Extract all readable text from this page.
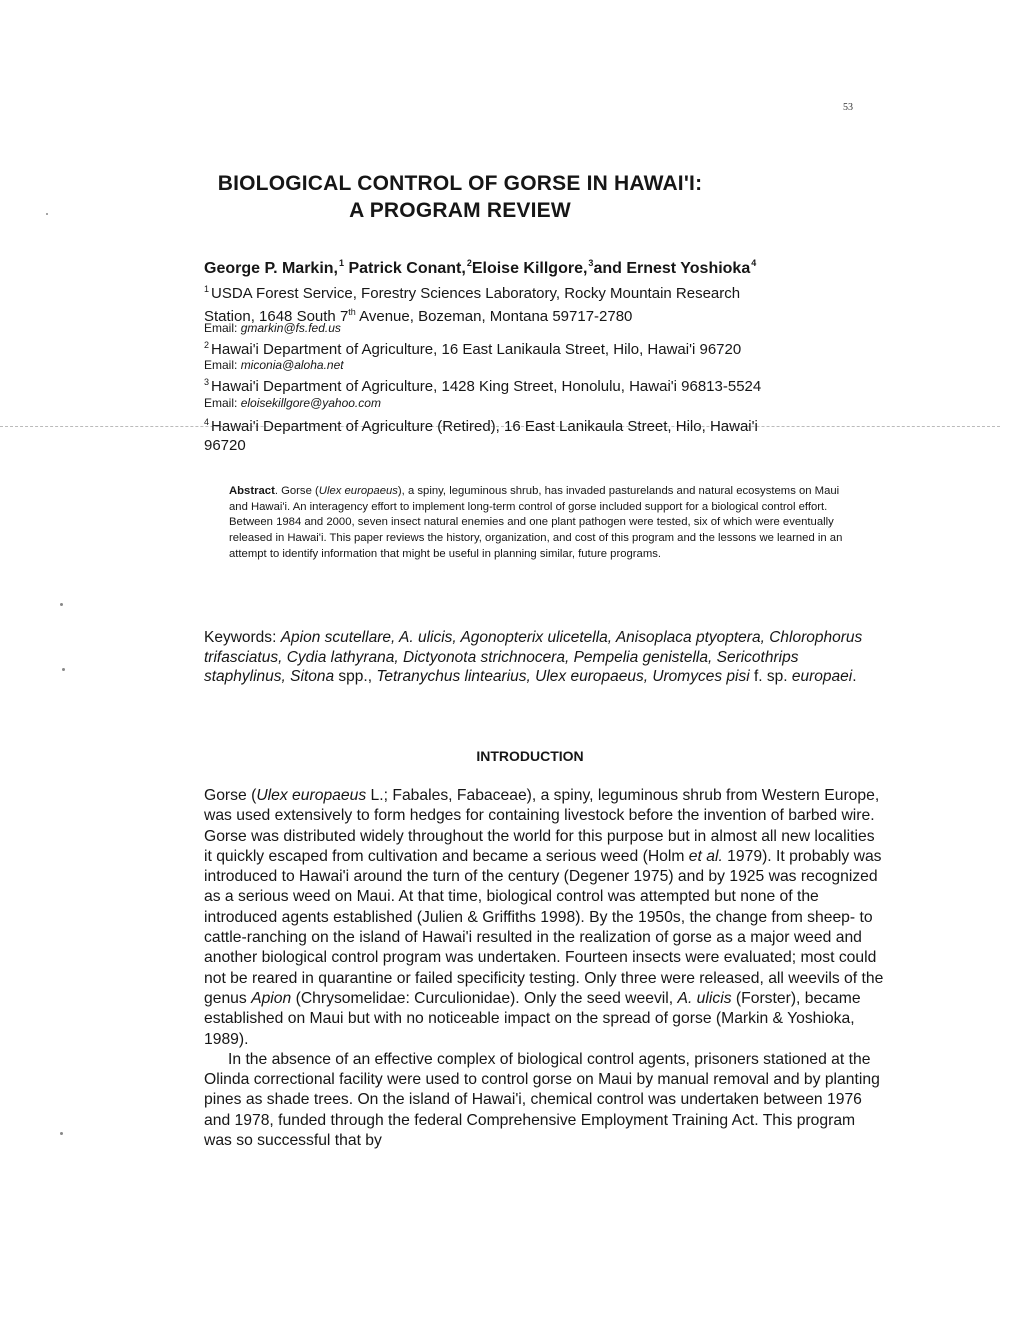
53
BIOLOGICAL CONTROL OF GORSE IN HAWAI'I:
A PROGRAM REVIEW
George P. Markin,$^1$ Patrick Conant,$^2$Eloise Killgore,$^3$and Ernest Yoshioka$^4$
$^1$ USDA Forest Service, Forestry Sciences Laboratory, Rocky Mountain Research
Station, 1648 South 7th Avenue, Bozeman, Montana 59717-2780
Email: gmarkin@fs.fed.us
$^2$ Hawai'i Department of Agriculture, 16 East Lanikaula Street, Hilo, Hawai'i 96720
Email: miconia@aloha.net
$^3$ Hawai'i Department of Agriculture, 1428 King Street, Honolulu, Hawai'i 96813-5524
Email: eloisekillgore@yahoo.com
$^4$ Hawai'i Department of Agriculture (Retired), 16 East Lanikaula Street, Hilo, Hawai'i
96720
Abstract. Gorse (Ulex europaeus), a spiny, leguminous shrub, has invaded pasturelands and natural ecosystems on Maui and Hawai'i. An interagency effort to implement long-term control of gorse included support for a biological control effort. Between 1984 and 2000, seven insect natural enemies and one plant pathogen were tested, six of which were eventually released in Hawai'i. This paper reviews the history, organization, and cost of this program and the lessons we learned in an attempt to identify information that might be useful in planning similar, future programs.
Keywords: Apion scutellare, A. ulicis, Agonopterix ulicetella, Anisoplaca ptyoptera, Chlorophorus trifasciatus, Cydia lathyrana, Dictyonota strichnocera, Pempelia genistella, Sericothrips staphylinus, Sitona spp., Tetranychus lintearius, Ulex europaeus, Uromyces pisi f. sp. europaei.
INTRODUCTION

Gorse (Ulex europaeus L.; Fabales, Fabaceae), a spiny, leguminous shrub from Western Europe, was used extensively to form hedges for containing livestock before the invention of barbed wire. Gorse was distributed widely throughout the world for this purpose but in almost all new localities it quickly escaped from cultivation and became a serious weed (Holm et al. 1979). It probably was introduced to Hawai'i around the turn of the century (Degener 1975) and by 1925 was recognized as a serious weed on Maui. At that time, biological control was attempted but none of the introduced agents established (Julien & Griffiths 1998). By the 1950s, the change from sheep- to cattle-ranching on the island of Hawai'i resulted in the realization of gorse as a major weed and another biological control program was undertaken. Fourteen insects were evaluated; most could not be reared in quarantine or failed specificity testing. Only three were released, all weevils of the genus Apion (Chrysomelidae: Curculionidae). Only the seed weevil, A. ulicis (Forster), became established on Maui but with no noticeable impact on the spread of gorse (Markin & Yoshioka, 1989).

In the absence of an effective complex of biological control agents, prisoners stationed at the Olinda correctional facility were used to control gorse on Maui by manual removal and by planting pines as shade trees. On the island of Hawai'i, chemical control was undertaken between 1976 and 1978, funded through the federal Comprehensive Employment Training Act. This program was so successful that by
